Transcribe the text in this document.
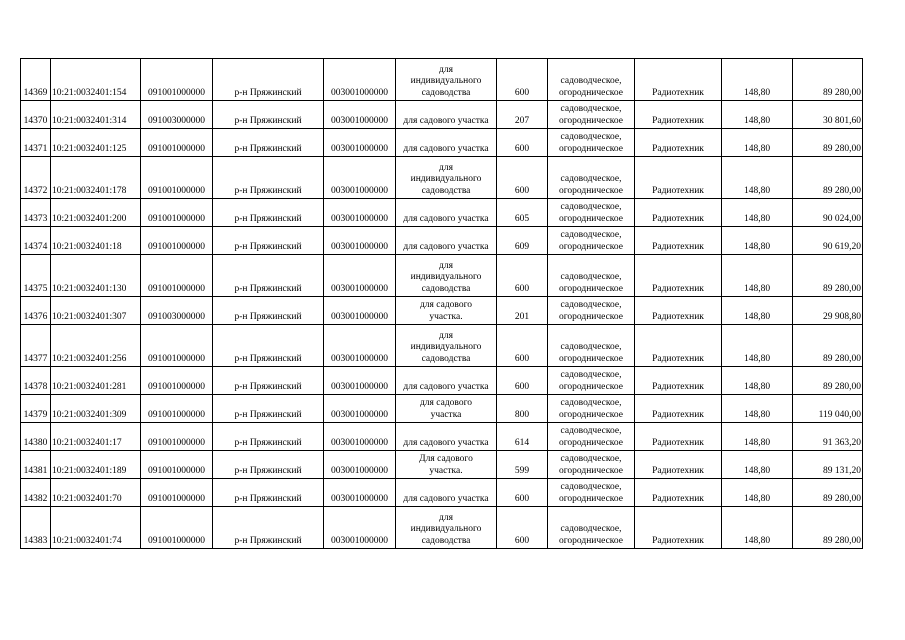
14369	10:21:0032401:154	091001000000	р-н Пряжинский	003001000000	для
индивидуального
садоводства	600	садоводческое,
огородническое	Радиотехник	148,80	89 280,00
14370	10:21:0032401:314	091003000000	р-н Пряжинский	003001000000	для садового участка	207	садоводческое,
огородническое	Радиотехник	148,80	30 801,60
14371	10:21:0032401:125	091001000000	р-н Пряжинский	003001000000	для садового участка	600	садоводческое,
огородническое	Радиотехник	148,80	89 280,00
14372	10:21:0032401:178	091001000000	р-н Пряжинский	003001000000	для
индивидуального
садоводства	600	садоводческое,
огородническое	Радиотехник	148,80	89 280,00
14373	10:21:0032401:200	091001000000	р-н Пряжинский	003001000000	для садового участка	605	садоводческое,
огородническое	Радиотехник	148,80	90 024,00
14374	10:21:0032401:18	091001000000	р-н Пряжинский	003001000000	для садового участка	609	садоводческое,
огородническое	Радиотехник	148,80	90 619,20
14375	10:21:0032401:130	091001000000	р-н Пряжинский	003001000000	для
индивидуального
садоводства	600	садоводческое,
огородническое	Радиотехник	148,80	89 280,00
14376	10:21:0032401:307	091003000000	р-н Пряжинский	003001000000	для садового
участка.	201	садоводческое,
огородническое	Радиотехник	148,80	29 908,80
14377	10:21:0032401:256	091001000000	р-н Пряжинский	003001000000	для
индивидуального
садоводства	600	садоводческое,
огородническое	Радиотехник	148,80	89 280,00
14378	10:21:0032401:281	091001000000	р-н Пряжинский	003001000000	для садового участка	600	садоводческое,
огородническое	Радиотехник	148,80	89 280,00
14379	10:21:0032401:309	091001000000	р-н Пряжинский	003001000000	для садового
участка	800	садоводческое,
огородническое	Радиотехник	148,80	119 040,00
14380	10:21:0032401:17	091001000000	р-н Пряжинский	003001000000	для садового участка	614	садоводческое,
огородническое	Радиотехник	148,80	91 363,20
14381	10:21:0032401:189	091001000000	р-н Пряжинский	003001000000	Для садового
участка.	599	садоводческое,
огородническое	Радиотехник	148,80	89 131,20
14382	10:21:0032401:70	091001000000	р-н Пряжинский	003001000000	для садового участка	600	садоводческое,
огородническое	Радиотехник	148,80	89 280,00
14383	10:21:0032401:74	091001000000	р-н Пряжинский	003001000000	для
индивидуального
садоводства	600	садоводческое,
огородническое	Радиотехник	148,80	89 280,00
